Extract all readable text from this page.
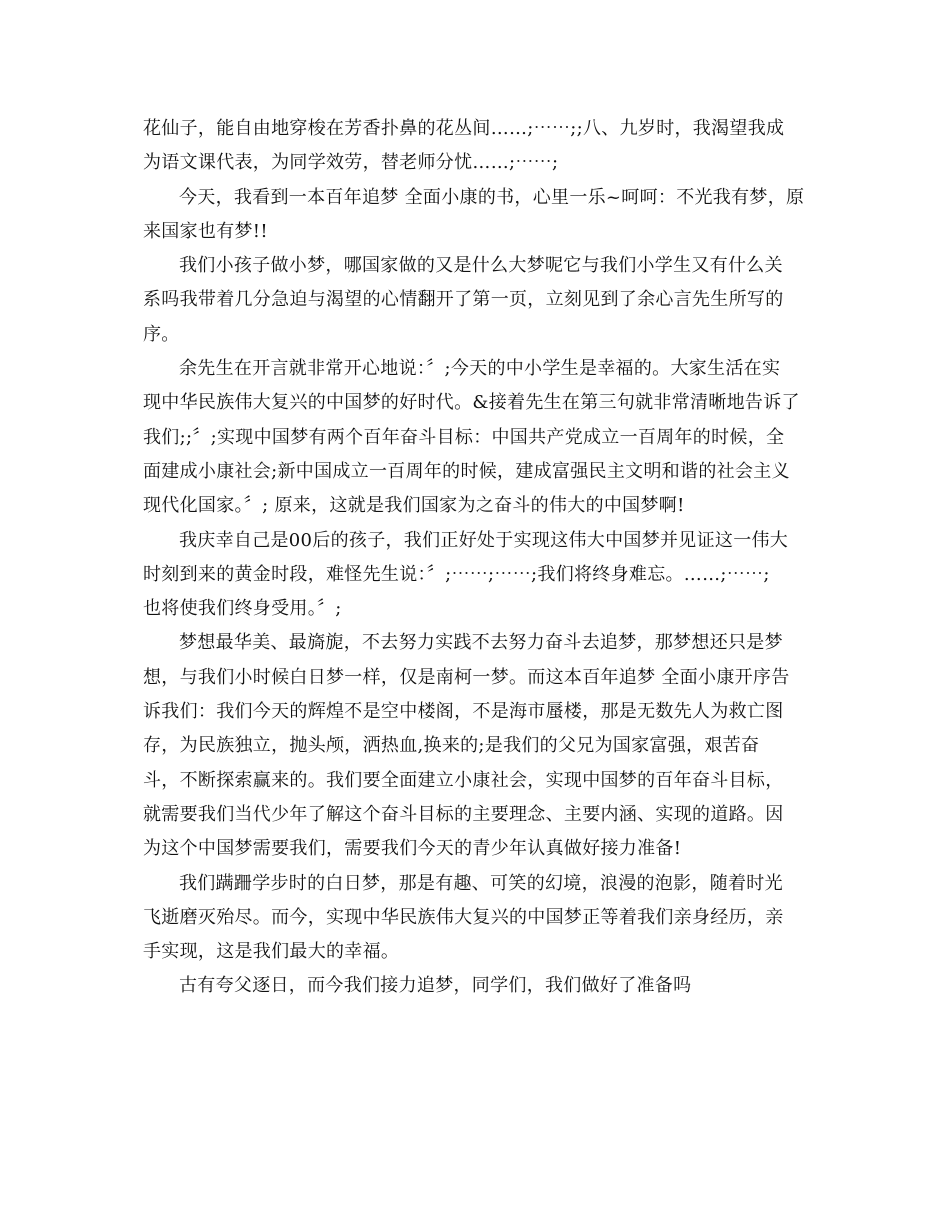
花仙子，能自由地穿梭在芳香扑鼻的花丛间……;⋯⋯;;八、九岁时，我渴望我成
为语文课代表，为同学效劳，替老师分忧……;⋯⋯;
今天，我看到一本百年追梦 全面小康的书，心里一乐~呵呵：不光我有梦，原
来国家也有梦!!
我们小孩子做小梦，哪国家做的又是什么大梦呢它与我们小学生又有什么关
系吗我带着几分急迫与渴望的心情翻开了第一页，立刻见到了余心言先生所写的
序。
余先生在开言就非常开心地说：〞;今天的中小学生是幸福的。大家生活在实
现中华民族伟大复兴的中国梦的好时代。&接着先生在第三句就非常清晰地告诉了
我们;;〞;实现中国梦有两个百年奋斗目标：中国共产党成立一百周年的时候，全
面建成小康社会;新中国成立一百周年的时候，建成富强民主文明和谐的社会主义
现代化国家。〞; 原来，这就是我们国家为之奋斗的伟大的中国梦啊!
我庆幸自己是00后的孩子，我们正好处于实现这伟大中国梦并见证这一伟大
时刻到来的黄金时段，难怪先生说：〞;⋯⋯;⋯⋯;我们将终身难忘。……;⋯⋯;
也将使我们终身受用。〞;
梦想最华美、最旖旎，不去努力实践不去努力奋斗去追梦，那梦想还只是梦
想，与我们小时候白日梦一样，仅是南柯一梦。而这本百年追梦 全面小康开序告
诉我们：我们今天的辉煌不是空中楼阁，不是海市蜃楼，那是无数先人为救亡图
存，为民族独立，抛头颅，洒热血,换来的;是我们的父兄为国家富强，艰苦奋
斗，不断探索赢来的。我们要全面建立小康社会，实现中国梦的百年奋斗目标，
就需要我们当代少年了解这个奋斗目标的主要理念、主要内涵、实现的道路。因
为这个中国梦需要我们，需要我们今天的青少年认真做好接力准备!
我们蹒跚学步时的白日梦，那是有趣、可笑的幻境，浪漫的泡影，随着时光
飞逝磨灭殆尽。而今，实现中华民族伟大复兴的中国梦正等着我们亲身经历，亲
手实现，这是我们最大的幸福。
古有夸父逐日，而今我们接力追梦，同学们，我们做好了准备吗
